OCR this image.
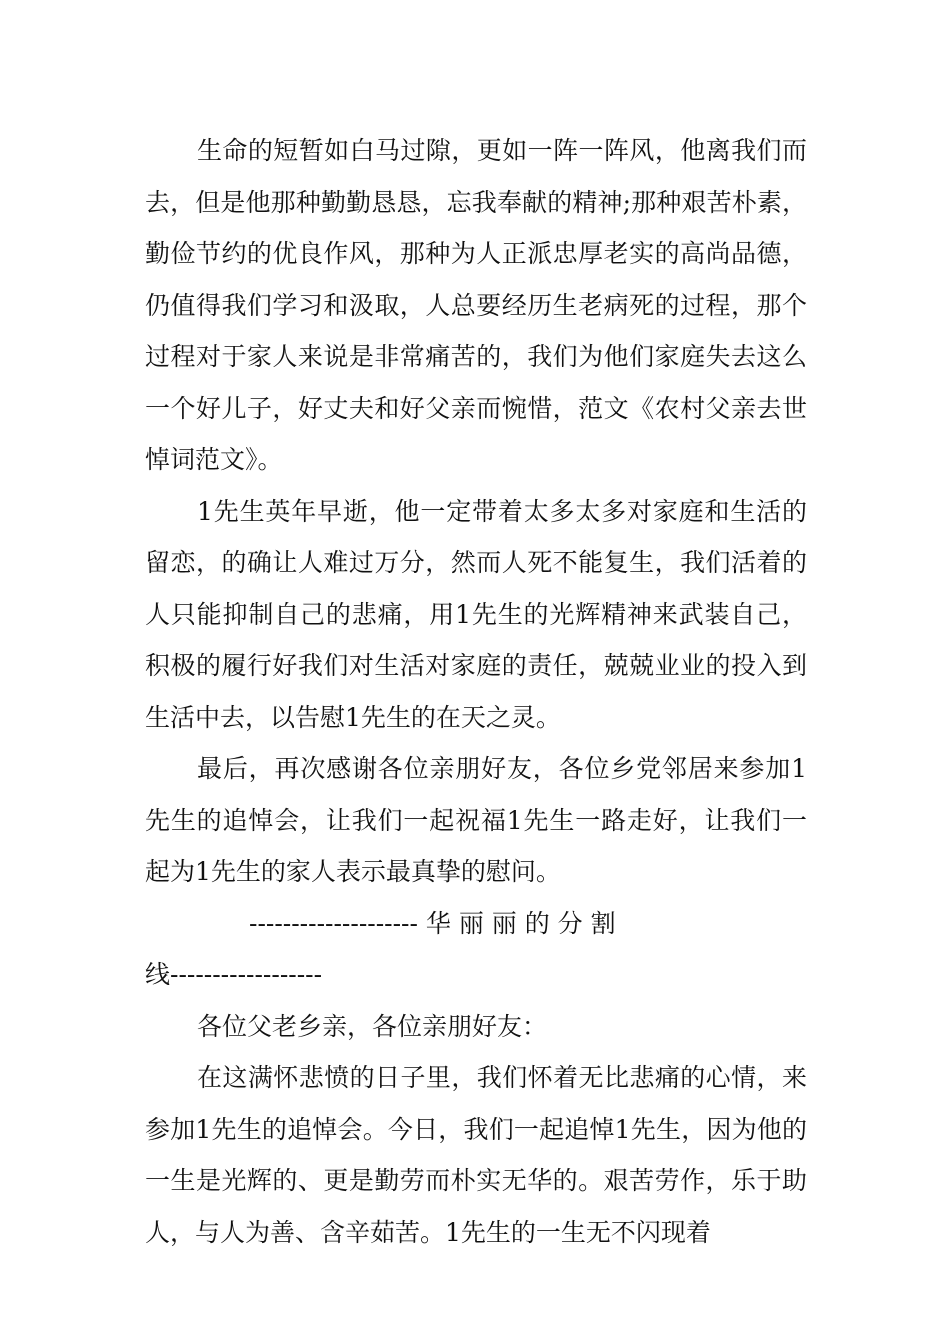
生命的短暂如白马过隙，更如一阵一阵风，他离我们而去，但是他那种勤勤恳恳，忘我奉献的精神;那种艰苦朴素，勤俭节约的优良作风，那种为人正派忠厚老实的高尚品德，仍值得我们学习和汲取，人总要经历生老病死的过程，那个过程对于家人来说是非常痛苦的，我们为他们家庭失去这么一个好儿子，好丈夫和好父亲而惋惜，范文《农村父亲去世悼词范文》。

1先生英年早逝，他一定带着太多太多对家庭和生活的留恋，的确让人难过万分，然而人死不能复生，我们活着的人只能抑制自己的悲痛，用1先生的光辉精神来武装自己，积极的履行好我们对生活对家庭的责任，兢兢业业的投入到生活中去，以告慰1先生的在天之灵。

最后，再次感谢各位亲朋好友，各位乡党邻居来参加1先生的追悼会，让我们一起祝福1先生一路走好，让我们一起为1先生的家人表示最真挚的慰问。

-------------------- 华 丽 丽 的 分 割
线------------------

各位父老乡亲，各位亲朋好友：

在这满怀悲愤的日子里，我们怀着无比悲痛的心情，来参加1先生的追悼会。今日，我们一起追悼1先生，因为他的一生是光辉的、更是勤劳而朴实无华的。艰苦劳作，乐于助人，与人为善、含辛茹苦。1先生的一生无不闪现着
